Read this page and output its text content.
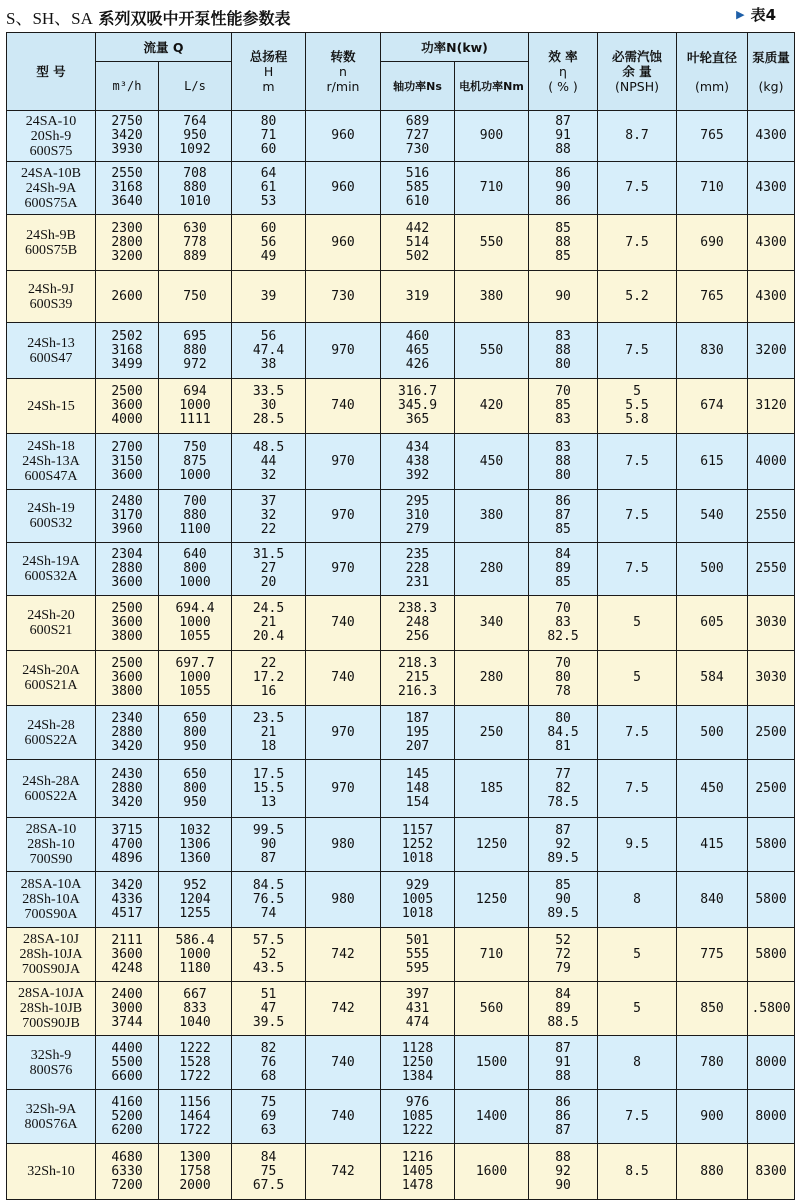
S、SH、SA 系列双吸中开泵性能参数表	▶ 表4
型 号	流量 Q		总扬程
H
m	转数
n
r/min	功率N(kw)		效 率
η
( % )	必需汽蚀
余 量
(NPSH)	叶轮直径
(mm)	泵质量
(kg)

	m³/h	L/s			轴功率Ns	电机功率Nm				

24SA-10
20Sh-9
600S75	2750
3420
3930	764
950
1092	80
71
60	960	689
727
730	900	87
91
88	8.7	765	4300

24SA-10B
24Sh-9A
600S75A	2550
3168
3640	708
880
1010	64
61
53	960	516
585
610	710	86
90
86	7.5	710	4300

24Sh-9B
600S75B	2300
2800
3200	630
778
889	60
56
49	960	442
514
502	550	85
88
85	7.5	690	4300

24Sh-9J
600S39	2600	750	39	730	319	380	90	5.2	765	4300

24Sh-13
600S47	2502
3168
3499	695
880
972	56
47.4
38	970	460
465
426	550	83
88
80	7.5	830	3200

24Sh-15	2500
3600
4000	694
1000
1111	33.5
30
28.5	740	316.7
345.9
365	420	70
85
83	5
5.5
5.8	674	3120

24Sh-18
24Sh-13A
600S47A	2700
3150
3600	750
875
1000	48.5
44
32	970	434
438
392	450	83
88
80	7.5	615	4000

24Sh-19
600S32	2480
3170
3960	700
880
1100	37
32
22	970	295
310
279	380	86
87
85	7.5	540	2550

24Sh-19A
600S32A	2304
2880
3600	640
800
1000	31.5
27
20	970	235
228
231	280	84
89
85	7.5	500	2550

24Sh-20
600S21	2500
3600
3800	694.4
1000
1055	24.5
21
20.4	740	238.3
248
256	340	70
83
82.5	5	605	3030

24Sh-20A
600S21A	2500
3600
3800	697.7
1000
1055	22
17.2
16	740	218.3
215
216.3	280	70
80
78	5	584	3030

24Sh-28
600S22A	2340
2880
3420	650
800
950	23.5
21
18	970	187
195
207	250	80
84.5
81	7.5	500	2500

24Sh-28A
600S22A	2430
2880
3420	650
800
950	17.5
15.5
13	970	145
148
154	185	77
82
78.5	7.5	450	2500

28SA-10
28Sh-10
700S90	3715
4700
4896	1032
1306
1360	99.5
90
87	980	1157
1252
1018	1250	87
92
89.5	9.5	415	5800

28SA-10A
28Sh-10A
700S90A	3420
4336
4517	952
1204
1255	84.5
76.5
74	980	929
1005
1018	1250	85
90
89.5	8	840	5800

28SA-10J
28Sh-10JA
700S90JA	2111
3600
4248	586.4
1000
1180	57.5
52
43.5	742	501
555
595	710	52
72
79	5	775	5800

28SA-10JA
28Sh-10JB
700S90JB	2400
3000
3744	667
833
1040	51
47
39.5	742	397
431
474	560	84
89
88.5	5	850	.5800

32Sh-9
800S76	4400
5500
6600	1222
1528
1722	82
76
68	740	1128
1250
1384	1500	87
91
88	8	780	8000

32Sh-9A
800S76A	4160
5200
6200	1156
1464
1722	75
69
63	740	976
1085
1222	1400	86
86
87	7.5	900	8000

32Sh-10	4680
6330
7200	1300
1758
2000	84
75
67.5	742	1216
1405
1478	1600	88
92
90	8.5	880	8300
